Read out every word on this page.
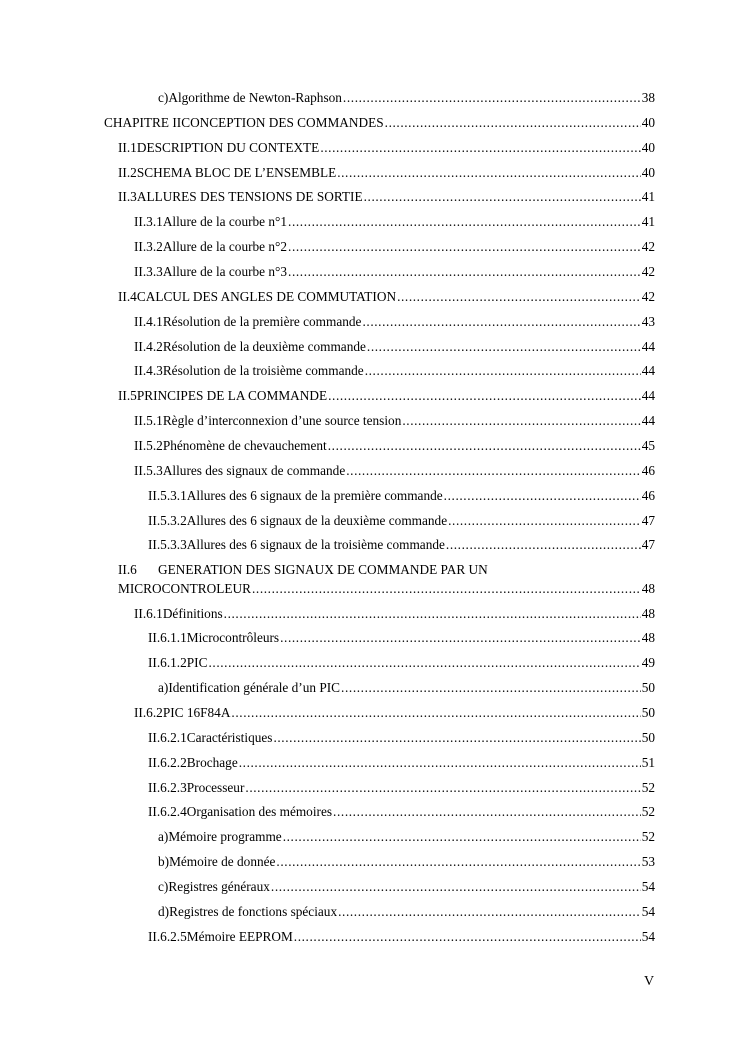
c) Algorithme de Newton-Raphson .....	38
CHAPITRE II CONCEPTION DES COMMANDES .....	40
II.1 DESCRIPTION DU CONTEXTE .....	40
II.2 SCHEMA BLOC DE L’ENSEMBLE .....	40
II.3 ALLURES DES TENSIONS DE SORTIE .....	41
II.3.1 Allure de la courbe n°1 .....	41
II.3.2 Allure de la courbe n°2 .....	42
II.3.3 Allure de la courbe n°3 .....	42
II.4 CALCUL DES ANGLES DE COMMUTATION .....	42
II.4.1 Résolution de la première commande .....	43
II.4.2 Résolution de la deuxième commande .....	44
II.4.3 Résolution de la troisième commande .....	44
II.5 PRINCIPES DE LA COMMANDE .....	44
II.5.1 Règle d’interconnexion d’une source tension .....	44
II.5.2 Phénomène de chevauchement .....	45
II.5.3 Allures des signaux de commande .....	46
II.5.3.1 Allures des 6 signaux de la première commande .....	46
II.5.3.2 Allures des 6 signaux de la deuxième commande .....	47
II.5.3.3 Allures des 6 signaux de la troisième commande .....	47
II.6	GENERATION DES SIGNAUX DE COMMANDE PAR UN
MICROCONTROLEUR .....	48
II.6.1 Définitions .....	48
II.6.1.1 Microcontrôleurs .....	48
II.6.1.2 PIC .....	49
a) Identification générale d’un PIC .....	50
II.6.2 PIC 16F84A .....	50
II.6.2.1 Caractéristiques .....	50
II.6.2.2 Brochage .....	51
II.6.2.3 Processeur .....	52
II.6.2.4 Organisation des mémoires .....	52
a) Mémoire programme .....	52
b) Mémoire de donnée .....	53
c) Registres généraux .....	54
d) Registres de fonctions spéciaux .....	54
II.6.2.5 Mémoire EEPROM .....	54
V
